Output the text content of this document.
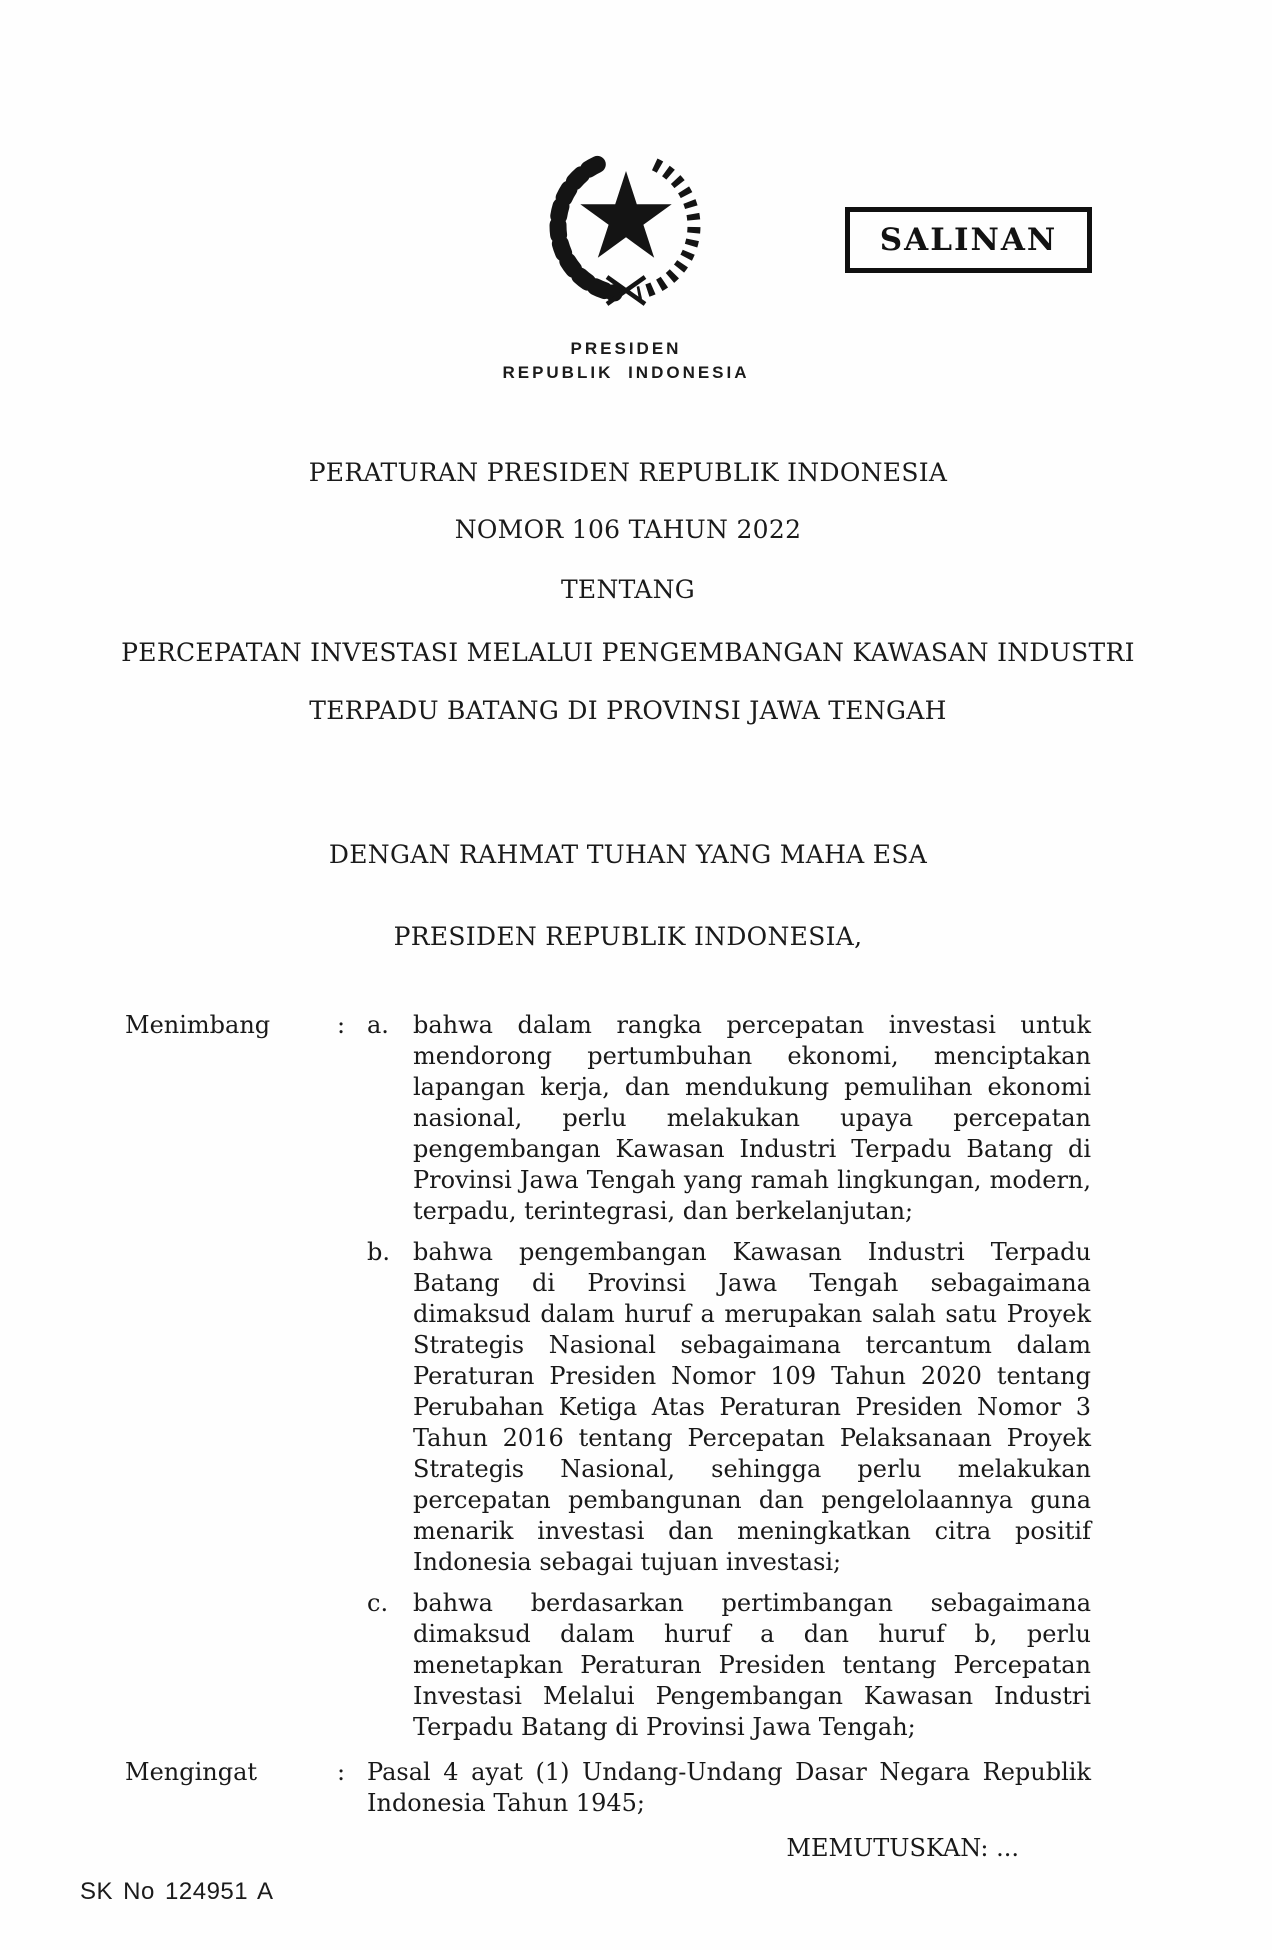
PRESIDEN
REPUBLIK INDONESIA
SALINAN
PERATURAN PRESIDEN REPUBLIK INDONESIA
NOMOR 106 TAHUN 2022
TENTANG
PERCEPATAN INVESTASI MELALUI PENGEMBANGAN KAWASAN INDUSTRI
TERPADU BATANG DI PROVINSI JAWA TENGAH
DENGAN RAHMAT TUHAN YANG MAHA ESA
PRESIDEN REPUBLIK INDONESIA,
Menimbang	: a.	bahwa dalam rangka percepatan investasi untuk mendorong pertumbuhan ekonomi, menciptakan lapangan kerja, dan mendukung pemulihan ekonomi nasional, perlu melakukan upaya percepatan pengembangan Kawasan Industri Terpadu Batang di Provinsi Jawa Tengah yang ramah lingkungan, modern, terpadu, terintegrasi, dan berkelanjutan;
b. bahwa pengembangan Kawasan Industri Terpadu Batang di Provinsi Jawa Tengah sebagaimana dimaksud dalam huruf a merupakan salah satu Proyek Strategis Nasional sebagaimana tercantum dalam Peraturan Presiden Nomor 109 Tahun 2020 tentang Perubahan Ketiga Atas Peraturan Presiden Nomor 3 Tahun 2016 tentang Percepatan Pelaksanaan Proyek Strategis Nasional, sehingga perlu melakukan percepatan pembangunan dan pengelolaannya guna menarik investasi dan meningkatkan citra positif Indonesia sebagai tujuan investasi;
c.	bahwa berdasarkan pertimbangan sebagaimana dimaksud dalam huruf a dan huruf b, perlu menetapkan Peraturan Presiden tentang Percepatan Investasi Melalui Pengembangan Kawasan Industri Terpadu Batang di Provinsi Jawa Tengah;
Mengingat	: Pasal 4 ayat (1) Undang-Undang Dasar Negara Republik Indonesia Tahun 1945;
MEMUTUSKAN: ...
SK No 124951 A
